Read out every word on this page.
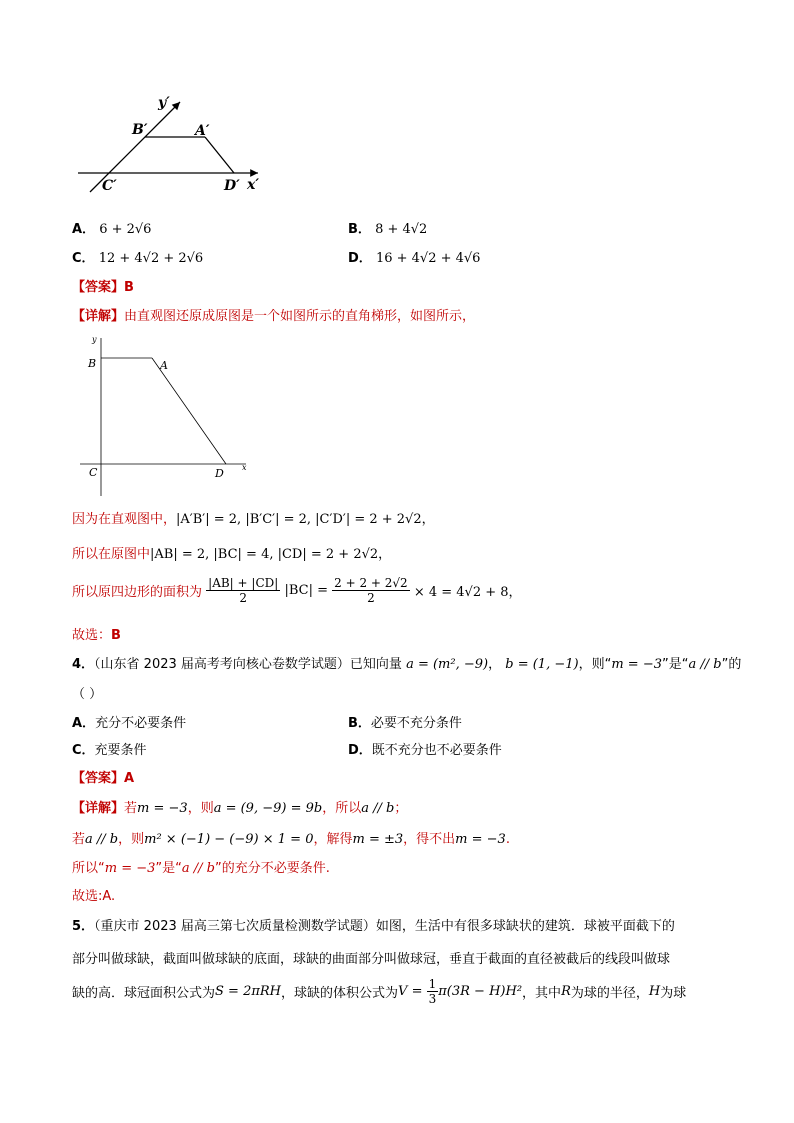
y′
x′
B′	A′
C′	D′
A． 6 + 2√6	B． 8 + 4√2
C． 12 + 4√2 + 2√6	D． 16 + 4√2 + 4√6
【答案】B
【详解】由直观图还原成原图是一个如图所示的直角梯形，如图所示，
y
x
B	A
C	D
因为在直观图中，|A′B′| = 2, |B′C′| = 2, |C′D′| = 2 + 2√2，
所以在原图中|AB| = 2, |BC| = 4, |CD| = 2 + 2√2，
所以原四边形的面积为 $\frac{|AB| + |CD|}{2} |BC| = \frac{2 + 2 + 2√2}{2} \times 4 = 4√2 + 8$，
故选：B
4．（山东省 2023 届高考考向核心卷数学试题）已知向量 a = (m², −9)， b = (1, −1)，则“m = −3”是“a // b”的
（ ）
A．充分不必要条件	B．必要不充分条件
C．充要条件	D．既不充分也不必要条件
【答案】A
【详解】若m = −3，则a = (9, −9) = 9b，所以a // b；
若a // b，则m² × (−1) − (−9) × 1 = 0，解得m = ±3，得不出m = −3.
所以“m = −3”是“a // b”的充分不必要条件.
故选:A.
5．（重庆市 2023 届高三第七次质量检测数学试题）如图，生活中有很多球缺状的建筑．球被平面截下的
部分叫做球缺，截面叫做球缺的底面，球缺的曲面部分叫做球冠，垂直于截面的直径被截后的线段叫做球
缺的高．球冠面积公式为S = 2πRH，球缺的体积公式为$V = \frac{1}{3} \pi(3R - H)H^2$，其中R为球的半径，H为球
